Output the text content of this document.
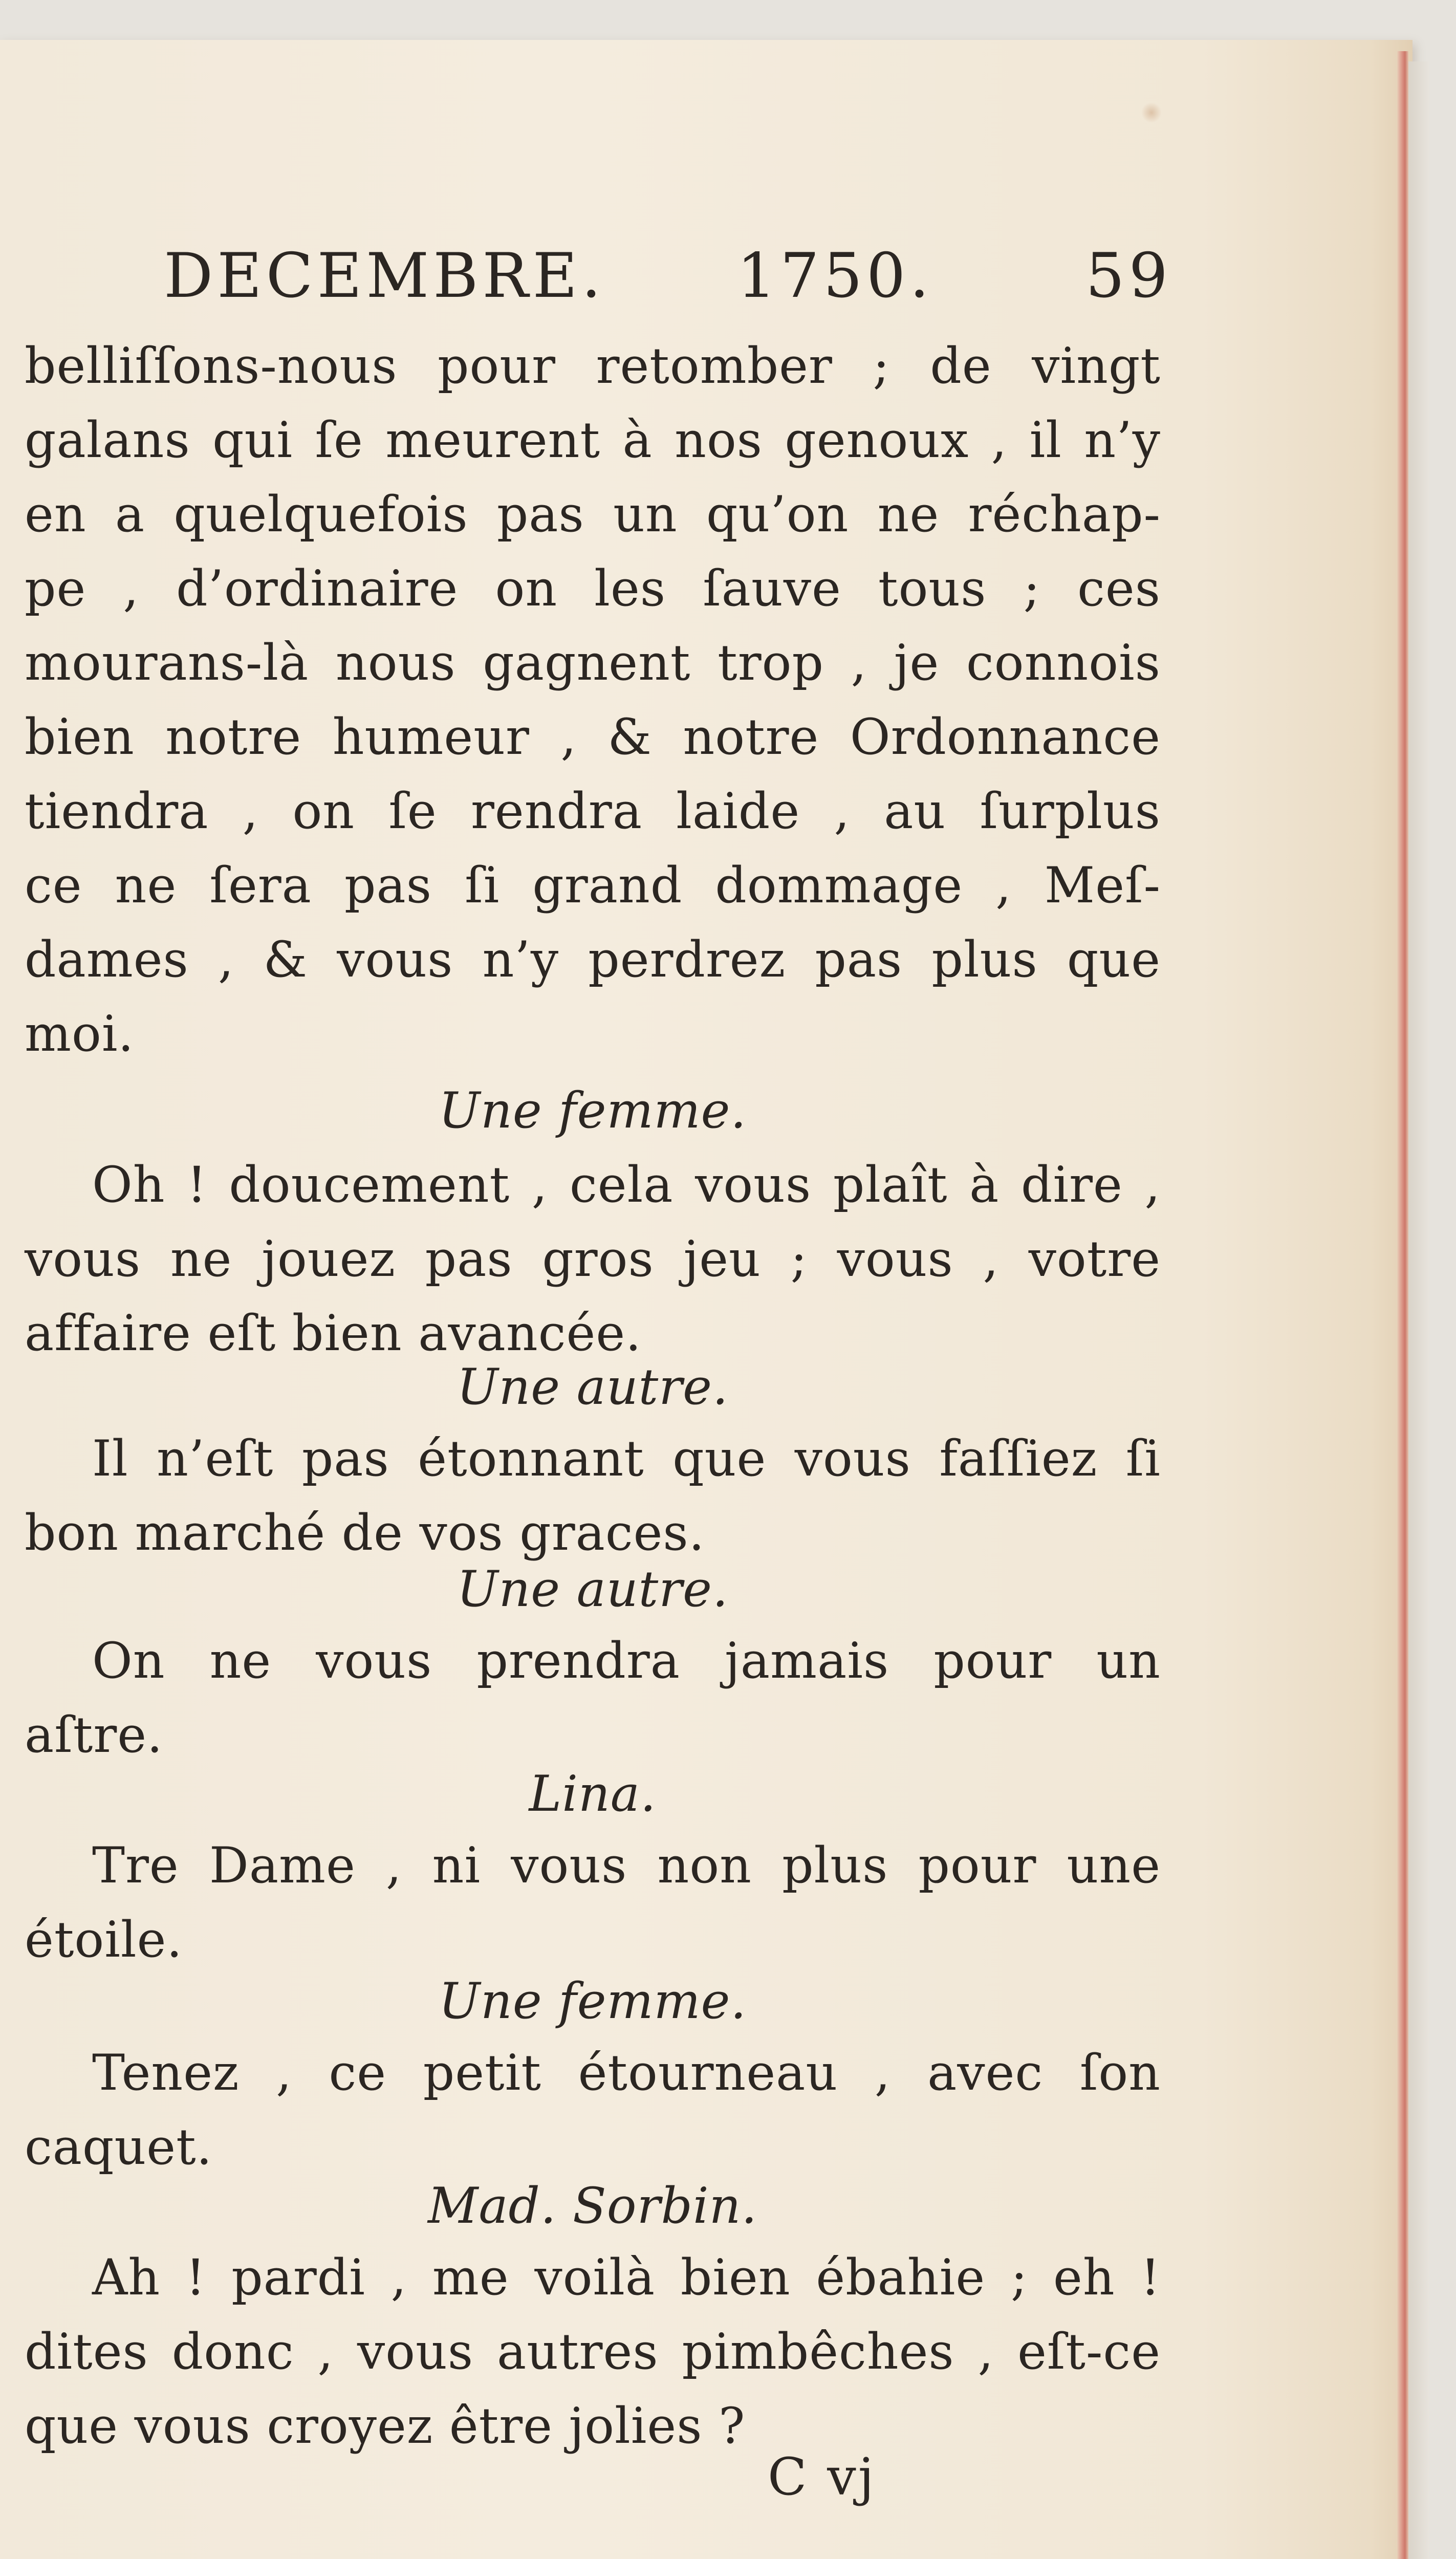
DECEMBRE. 1750. 59
belliſſons-nous pour retomber ; de vingt
galans qui ſe meurent à nos genoux , il n’y
en a quelquefois pas un qu’on ne réchap-
pe , d’ordinaire on les ſauve tous ; ces
mourans-là nous gagnent trop , je connois
bien notre humeur , & notre Ordonnance
tiendra , on ſe rendra laide , au ſurplus
ce ne ſera pas ſi grand dommage , Meſ-
dames , & vous n’y perdrez pas plus que
moi.
Une femme.
Oh ! doucement , cela vous plaît à dire ,
vous ne jouez pas gros jeu ; vous , votre
affaire eſt bien avancée.
Une autre.
Il n’eſt pas étonnant que vous faſſiez ſi
bon marché de vos graces.
Une autre.
On ne vous prendra jamais pour un
aſtre.
Lina.
Tre Dame , ni vous non plus pour une
étoile.
Une femme.
Tenez , ce petit étourneau , avec ſon
caquet.
Mad. Sorbin.
Ah ! pardi , me voilà bien ébahie ; eh !
dites donc , vous autres pimbêches , eſt-ce
que vous croyez être jolies ?
C vj
